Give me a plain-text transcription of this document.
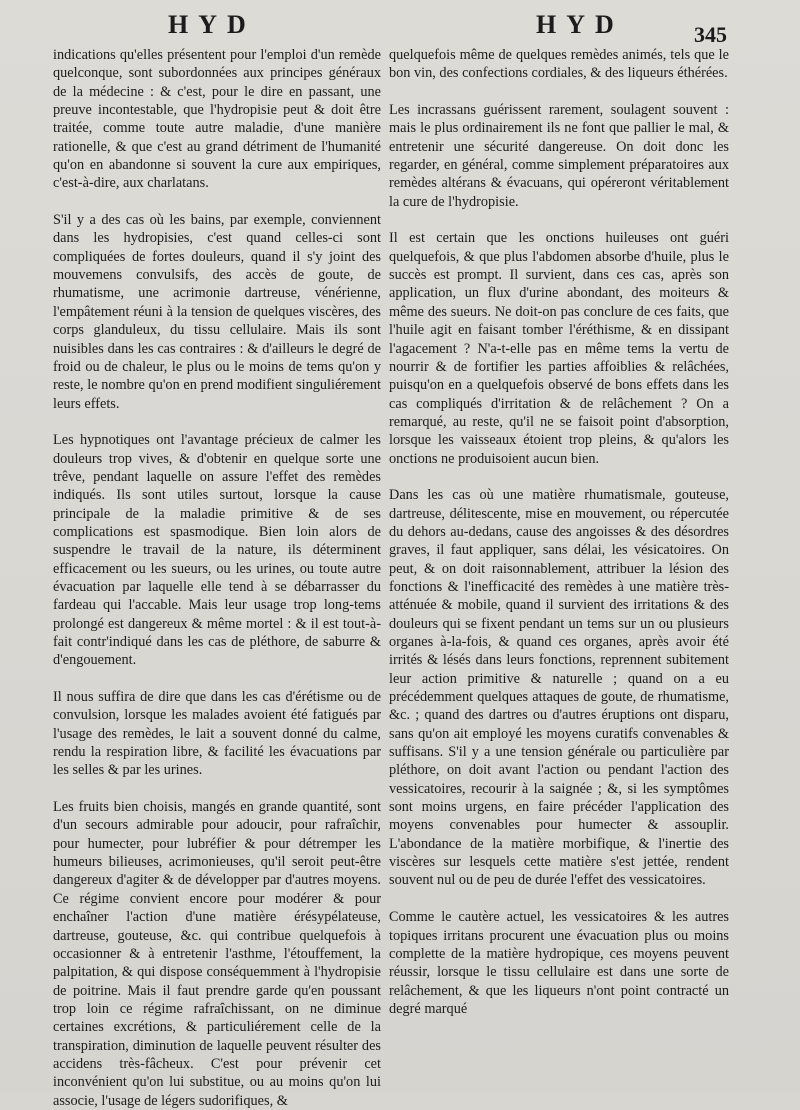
HYD	HYD	345

indications qu'elles présentent pour l'emploi d'un remède quelconque, sont subordonnées aux principes généraux de la médecine : & c'est, pour le dire en passant, une preuve incontestable, que l'hydropisie peut & doit être traitée, comme toute autre maladie, d'une manière rationelle, & que c'est au grand détriment de l'humanité qu'on en abandonne si souvent la cure aux empiriques, c'est-à-dire, aux charlatans.

S'il y a des cas où les bains, par exemple, conviennent dans les hydropisies, c'est quand celles-ci sont compliquées de fortes douleurs, quand il s'y joint des mouvemens convulsifs, des accès de goute, de rhumatisme, une acrimonie dartreuse, vénérienne, l'empâtement réuni à la tension de quelques viscères, des corps glanduleux, du tissu cellulaire. Mais ils sont nuisibles dans les cas contraires : & d'ailleurs le degré de froid ou de chaleur, le plus ou le moins de tems qu'on y reste, le nombre qu'on en prend modifient singuliérement leurs effets.

Les hypnotiques ont l'avantage précieux de calmer les douleurs trop vives, & d'obtenir en quelque sorte une trêve, pendant laquelle on assure l'effet des remèdes indiqués. Ils sont utiles surtout, lorsque la cause principale de la maladie primitive & de ses complications est spasmodique. Bien loin alors de suspendre le travail de la nature, ils déterminent efficacement ou les sueurs, ou les urines, ou toute autre évacuation par laquelle elle tend à se débarrasser du fardeau qui l'accable. Mais leur usage trop long-tems prolongé est dangereux & même mortel : & il est tout-à-fait contr'indiqué dans les cas de pléthore, de saburre & d'engouement.

Il nous suffira de dire que dans les cas d'érétisme ou de convulsion, lorsque les malades avoient été fatigués par l'usage des remèdes, le lait a souvent donné du calme, rendu la respiration libre, & facilité les évacuations par les selles & par les urines.

Les fruits bien choisis, mangés en grande quantité, sont d'un secours admirable pour adoucir, pour rafraîchir, pour humecter, pour lubréfier & pour détremper les humeurs bilieuses, acrimonieuses, qu'il seroit peut-être dangereux d'agiter & de développer par d'autres moyens. Ce régime convient encore pour modérer & pour enchaîner l'action d'une matière érésypélateuse, dartreuse, gouteuse, &c. qui contribue quelquefois à occasionner & à entretenir l'asthme, l'étouffement, la palpitation, & qui dispose conséquemment à l'hydropisie de poitrine. Mais il faut prendre garde qu'en poussant trop loin ce régime rafraîchissant, on ne diminue certaines excrétions, & particuliérement celle de la transpiration, diminution de laquelle peuvent résulter des accidens très-fâcheux. C'est pour prévenir cet inconvénient qu'on lui substitue, ou au moins qu'on lui associe, l'usage de légers sudorifiques, &

quelquefois même de quelques remèdes animés, tels que le bon vin, des confections cordiales, & des liqueurs éthérées.

Les incrassans guérissent rarement, soulagent souvent : mais le plus ordinairement ils ne font que pallier le mal, & entretenir une sécurité dangereuse. On doit donc les regarder, en général, comme simplement préparatoires aux remèdes altérans & évacuans, qui opéreront véritablement la cure de l'hydropisie.

Il est certain que les onctions huileuses ont guéri quelquefois, & que plus l'abdomen absorbe d'huile, plus le succès est prompt. Il survient, dans ces cas, après son application, un flux d'urine abondant, des moiteurs & même des sueurs. Ne doit-on pas conclure de ces faits, que l'huile agit en faisant tomber l'éréthisme, & en dissipant l'agacement ? N'a-t-elle pas en même tems la vertu de nourrir & de fortifier les parties affoiblies & relâchées, puisqu'on en a quelquefois observé de bons effets dans les cas compliqués d'irritation & de relâchement ? On a remarqué, au reste, qu'il ne se faisoit point d'absorption, lorsque les vaisseaux étoient trop pleins, & qu'alors les onctions ne produisoient aucun bien.

Dans les cas où une matière rhumatismale, gouteuse, dartreuse, délitescente, mise en mouvement, ou répercutée du dehors au-dedans, cause des angoisses & des désordres graves, il faut appliquer, sans délai, les vésicatoires. On peut, & on doit raisonnablement, attribuer la lésion des fonctions & l'inefficacité des remèdes à une matière très-atténuée & mobile, quand il survient des irritations & des douleurs qui se fixent pendant un tems sur un ou plusieurs organes à-la-fois, & quand ces organes, après avoir été irrités & lésés dans leurs fonctions, reprennent subitement leur action primitive & naturelle ; quand on a eu précédemment quelques attaques de goute, de rhumatisme, &c. ; quand des dartres ou d'autres éruptions ont disparu, sans qu'on ait employé les moyens curatifs convenables & suffisans. S'il y a une tension générale ou particulière par pléthore, on doit avant l'action ou pendant l'action des vessicatoires, recourir à la saignée ; &, si les symptômes sont moins urgens, en faire précéder l'application des moyens convenables pour humecter & assouplir. L'abondance de la matière morbifique, & l'inertie des viscères sur lesquels cette matière s'est jettée, rendent souvent nul ou de peu de durée l'effet des vessicatoires.

Comme le cautère actuel, les vessicatoires & les autres topiques irritans procurent une évacuation plus ou moins complette de la matière hydropique, ces moyens peuvent réussir, lorsque le tissu cellulaire est dans une sorte de relâchement, & que les liqueurs n'ont point contracté un degré marqué
